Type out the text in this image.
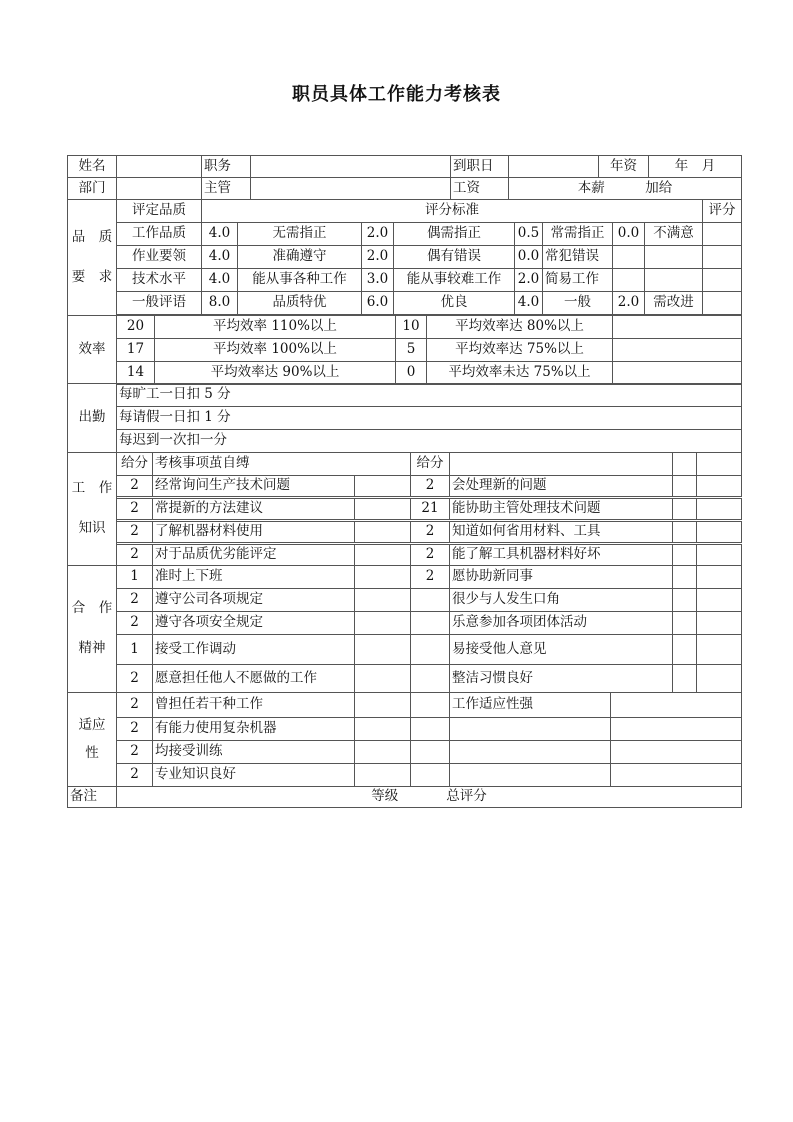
职员具体工作能力考核表
姓名	职务	到职日	年资	年　月
部门	主管	工资	本薪　　　加给
品　质
要　求
评定品质	评分标准	评分
工作品质	4.0	无需指正	2.0	偶需指正	0.5 常需指正 0.0	不满意
作业要领	4.0	准确遵守	2.0	偶有错误	0.0 常犯错误
技术水平	4.0	能从事各种工作	3.0	能从事较难工作	2.0 简易工作
一般评语	8.0	品质特优	6.0	优良	4.0	一般	2.0	需改进
效率
20	平均效率 110%以上	10	平均效率达 80%以上
17	平均效率 100%以上	5	平均效率达 75%以上
14	平均效率达 90%以上	0	平均效率未达 75%以上
出勤
每旷工一日扣 5 分
每请假一日扣 1 分
每迟到一次扣一分
工　作
知识
给分 考核事项茧自缚	给分
2	经常询问生产技术问题	2	会处理新的问题
2	常提新的方法建议	21 能协助主管处理技术问题
2	了解机器材料使用	2	知道如何省用材料、工具
2	对于品质优劣能评定	2	能了解工具机器材料好坏
合　作
精神
1	准时上下班	2	愿协助新同事
2	遵守公司各项规定	很少与人发生口角
2	遵守各项安全规定	乐意参加各项团体活动
1	接受工作调动	易接受他人意见
2	愿意担任他人不愿做的工作	整洁习惯良好
适应
性
2	曾担任若干种工作	工作适应性强
2	有能力使用复杂机器
2	均接受训练
2	专业知识良好
备注	等级	总评分
